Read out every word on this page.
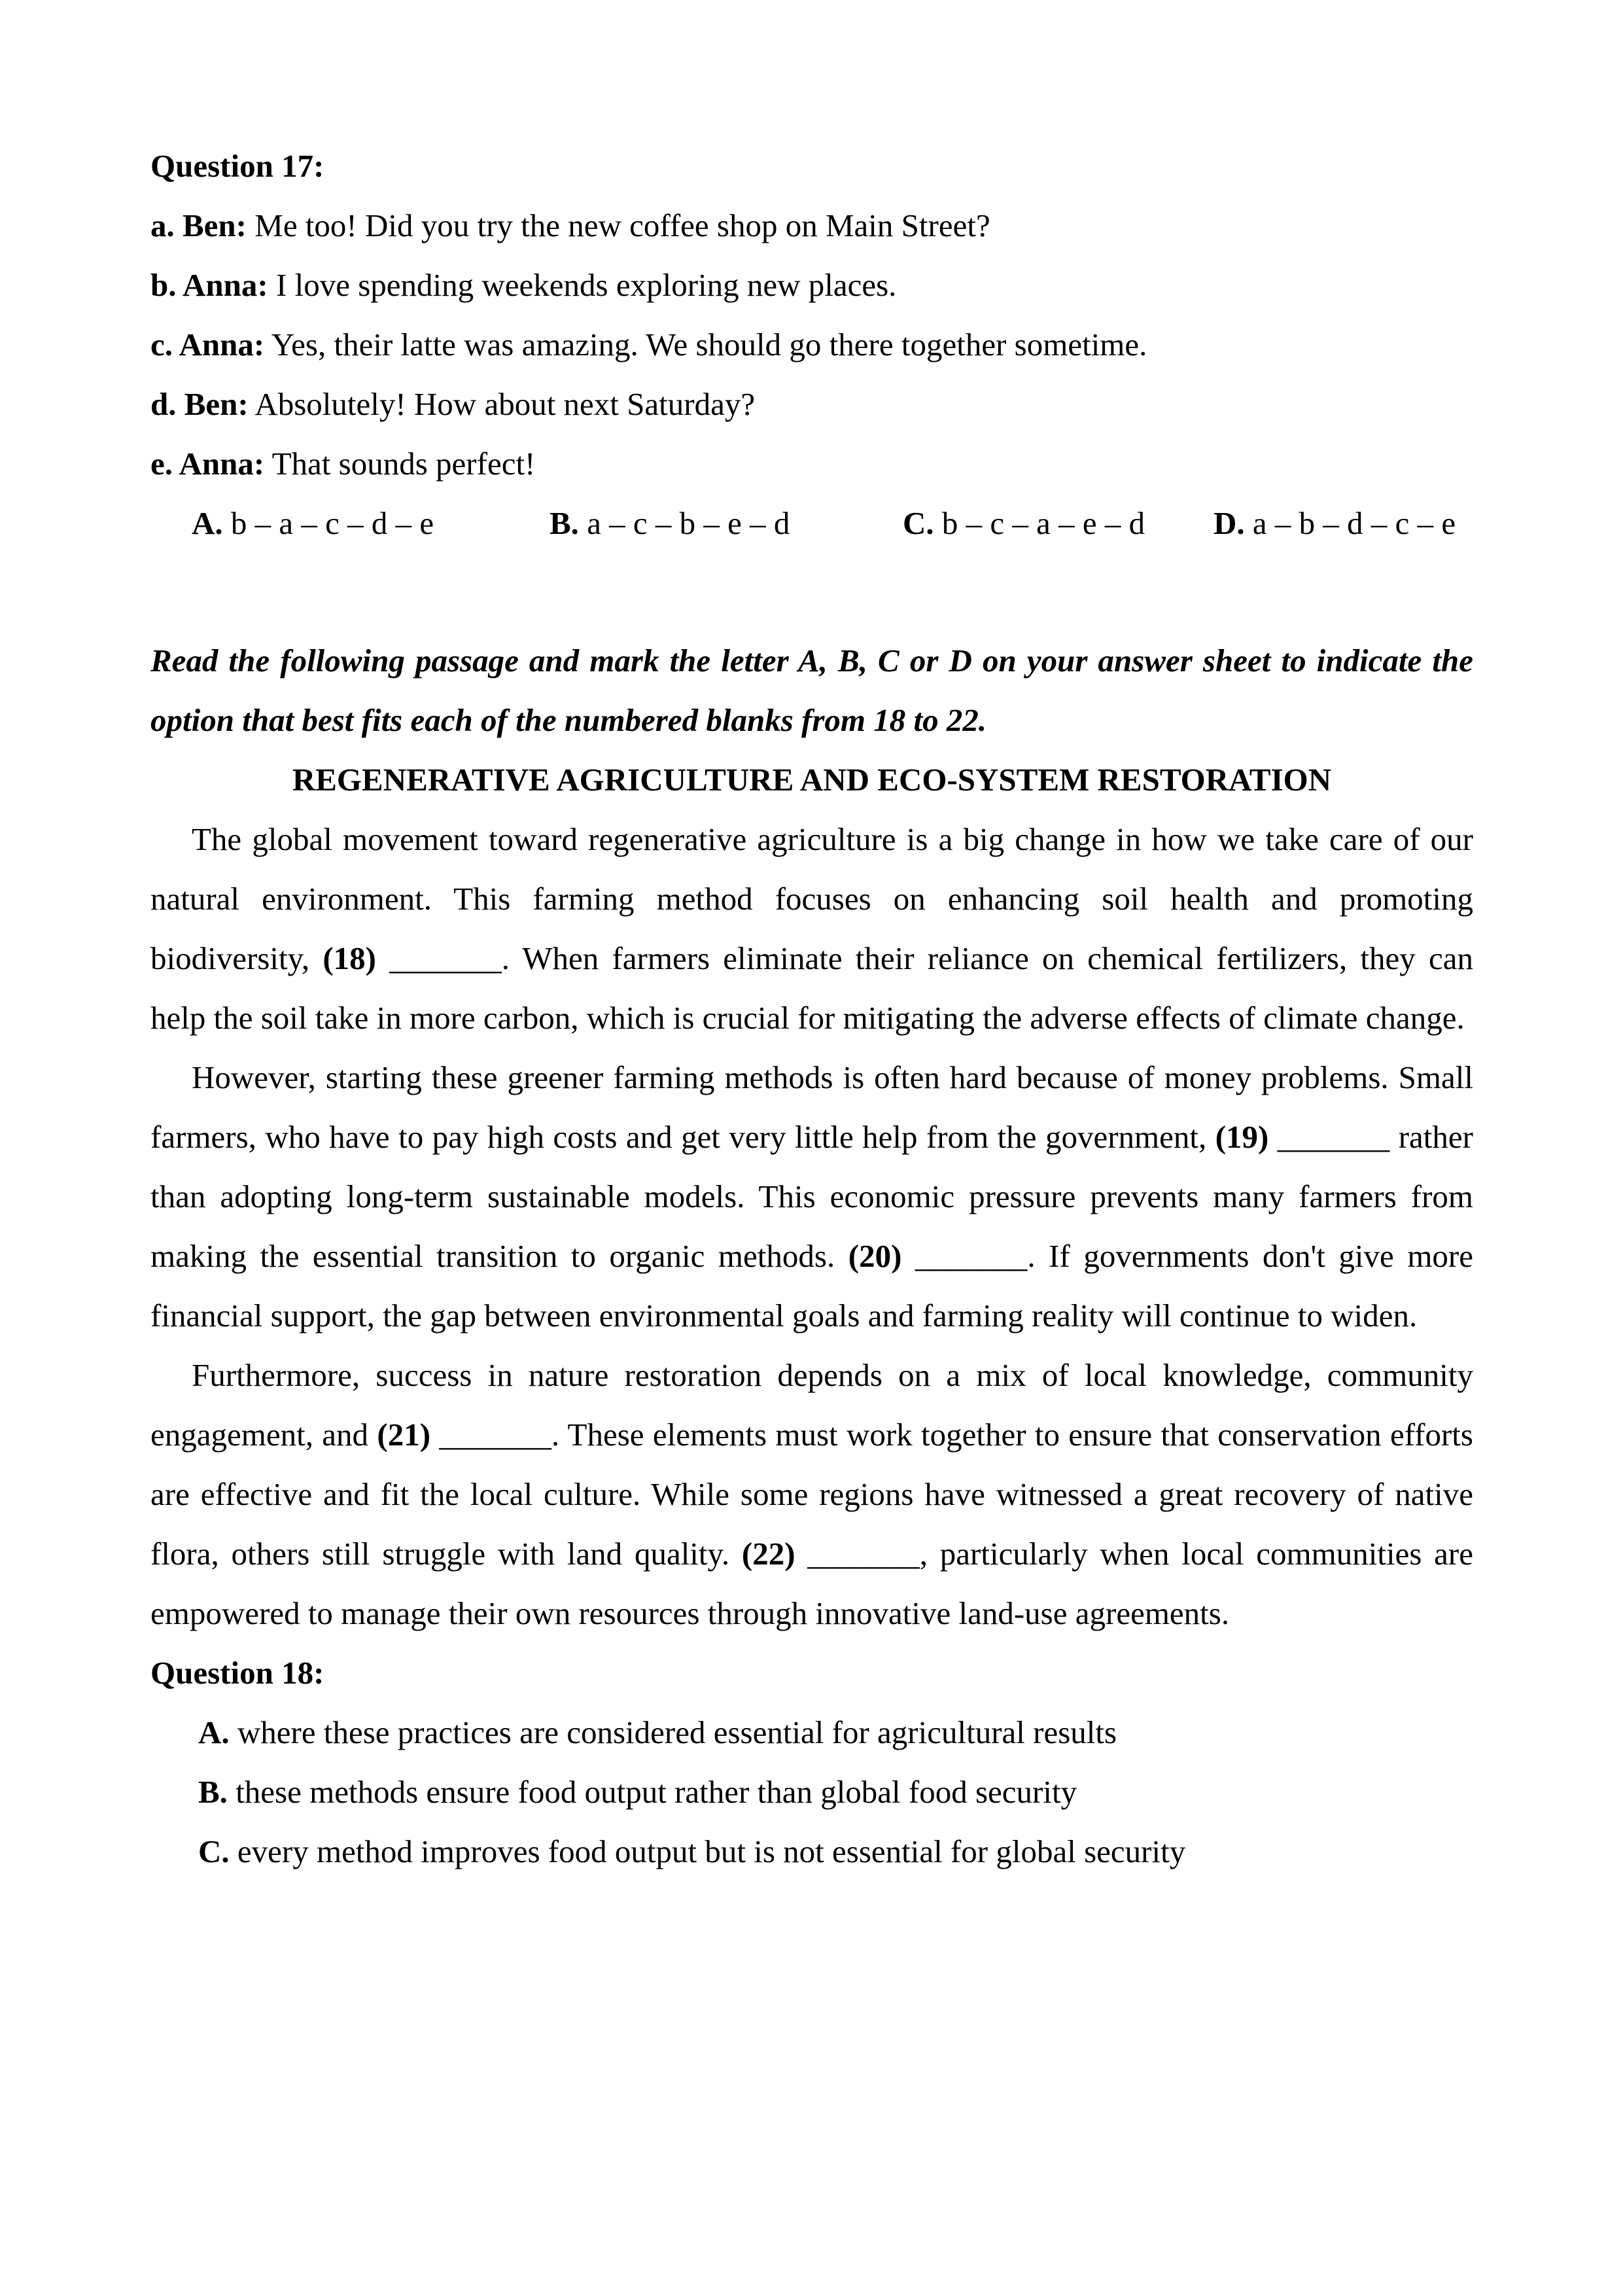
Question 17:
a. Ben: Me too! Did you try the new coffee shop on Main Street?
b. Anna: I love spending weekends exploring new places.
c. Anna: Yes, their latte was amazing. We should go there together sometime.
d. Ben: Absolutely! How about next Saturday?
e. Anna: That sounds perfect!
A. b – a – c – d – e	B. a – c – b – e – d	C. b – c – a – e – d	D. a – b – d – c – e

Read the following passage and mark the letter A, B, C or D on your answer sheet to indicate the option that best fits each of the numbered blanks from 18 to 22.

REGENERATIVE AGRICULTURE AND ECO-SYSTEM RESTORATION

The global movement toward regenerative agriculture is a big change in how we take care of our natural environment. This farming method focuses on enhancing soil health and promoting biodiversity, (18) _______. When farmers eliminate their reliance on chemical fertilizers, they can help the soil take in more carbon, which is crucial for mitigating the adverse effects of climate change.

However, starting these greener farming methods is often hard because of money problems. Small farmers, who have to pay high costs and get very little help from the government, (19) _______ rather than adopting long-term sustainable models. This economic pressure prevents many farmers from making the essential transition to organic methods. (20) _______. If governments don't give more financial support, the gap between environmental goals and farming reality will continue to widen.

Furthermore, success in nature restoration depends on a mix of local knowledge, community engagement, and (21) _______. These elements must work together to ensure that conservation efforts are effective and fit the local culture. While some regions have witnessed a great recovery of native flora, others still struggle with land quality. (22) _______, particularly when local communities are empowered to manage their own resources through innovative land-use agreements.

Question 18:
A. where these practices are considered essential for agricultural results
B. these methods ensure food output rather than global food security
C. every method improves food output but is not essential for global security
